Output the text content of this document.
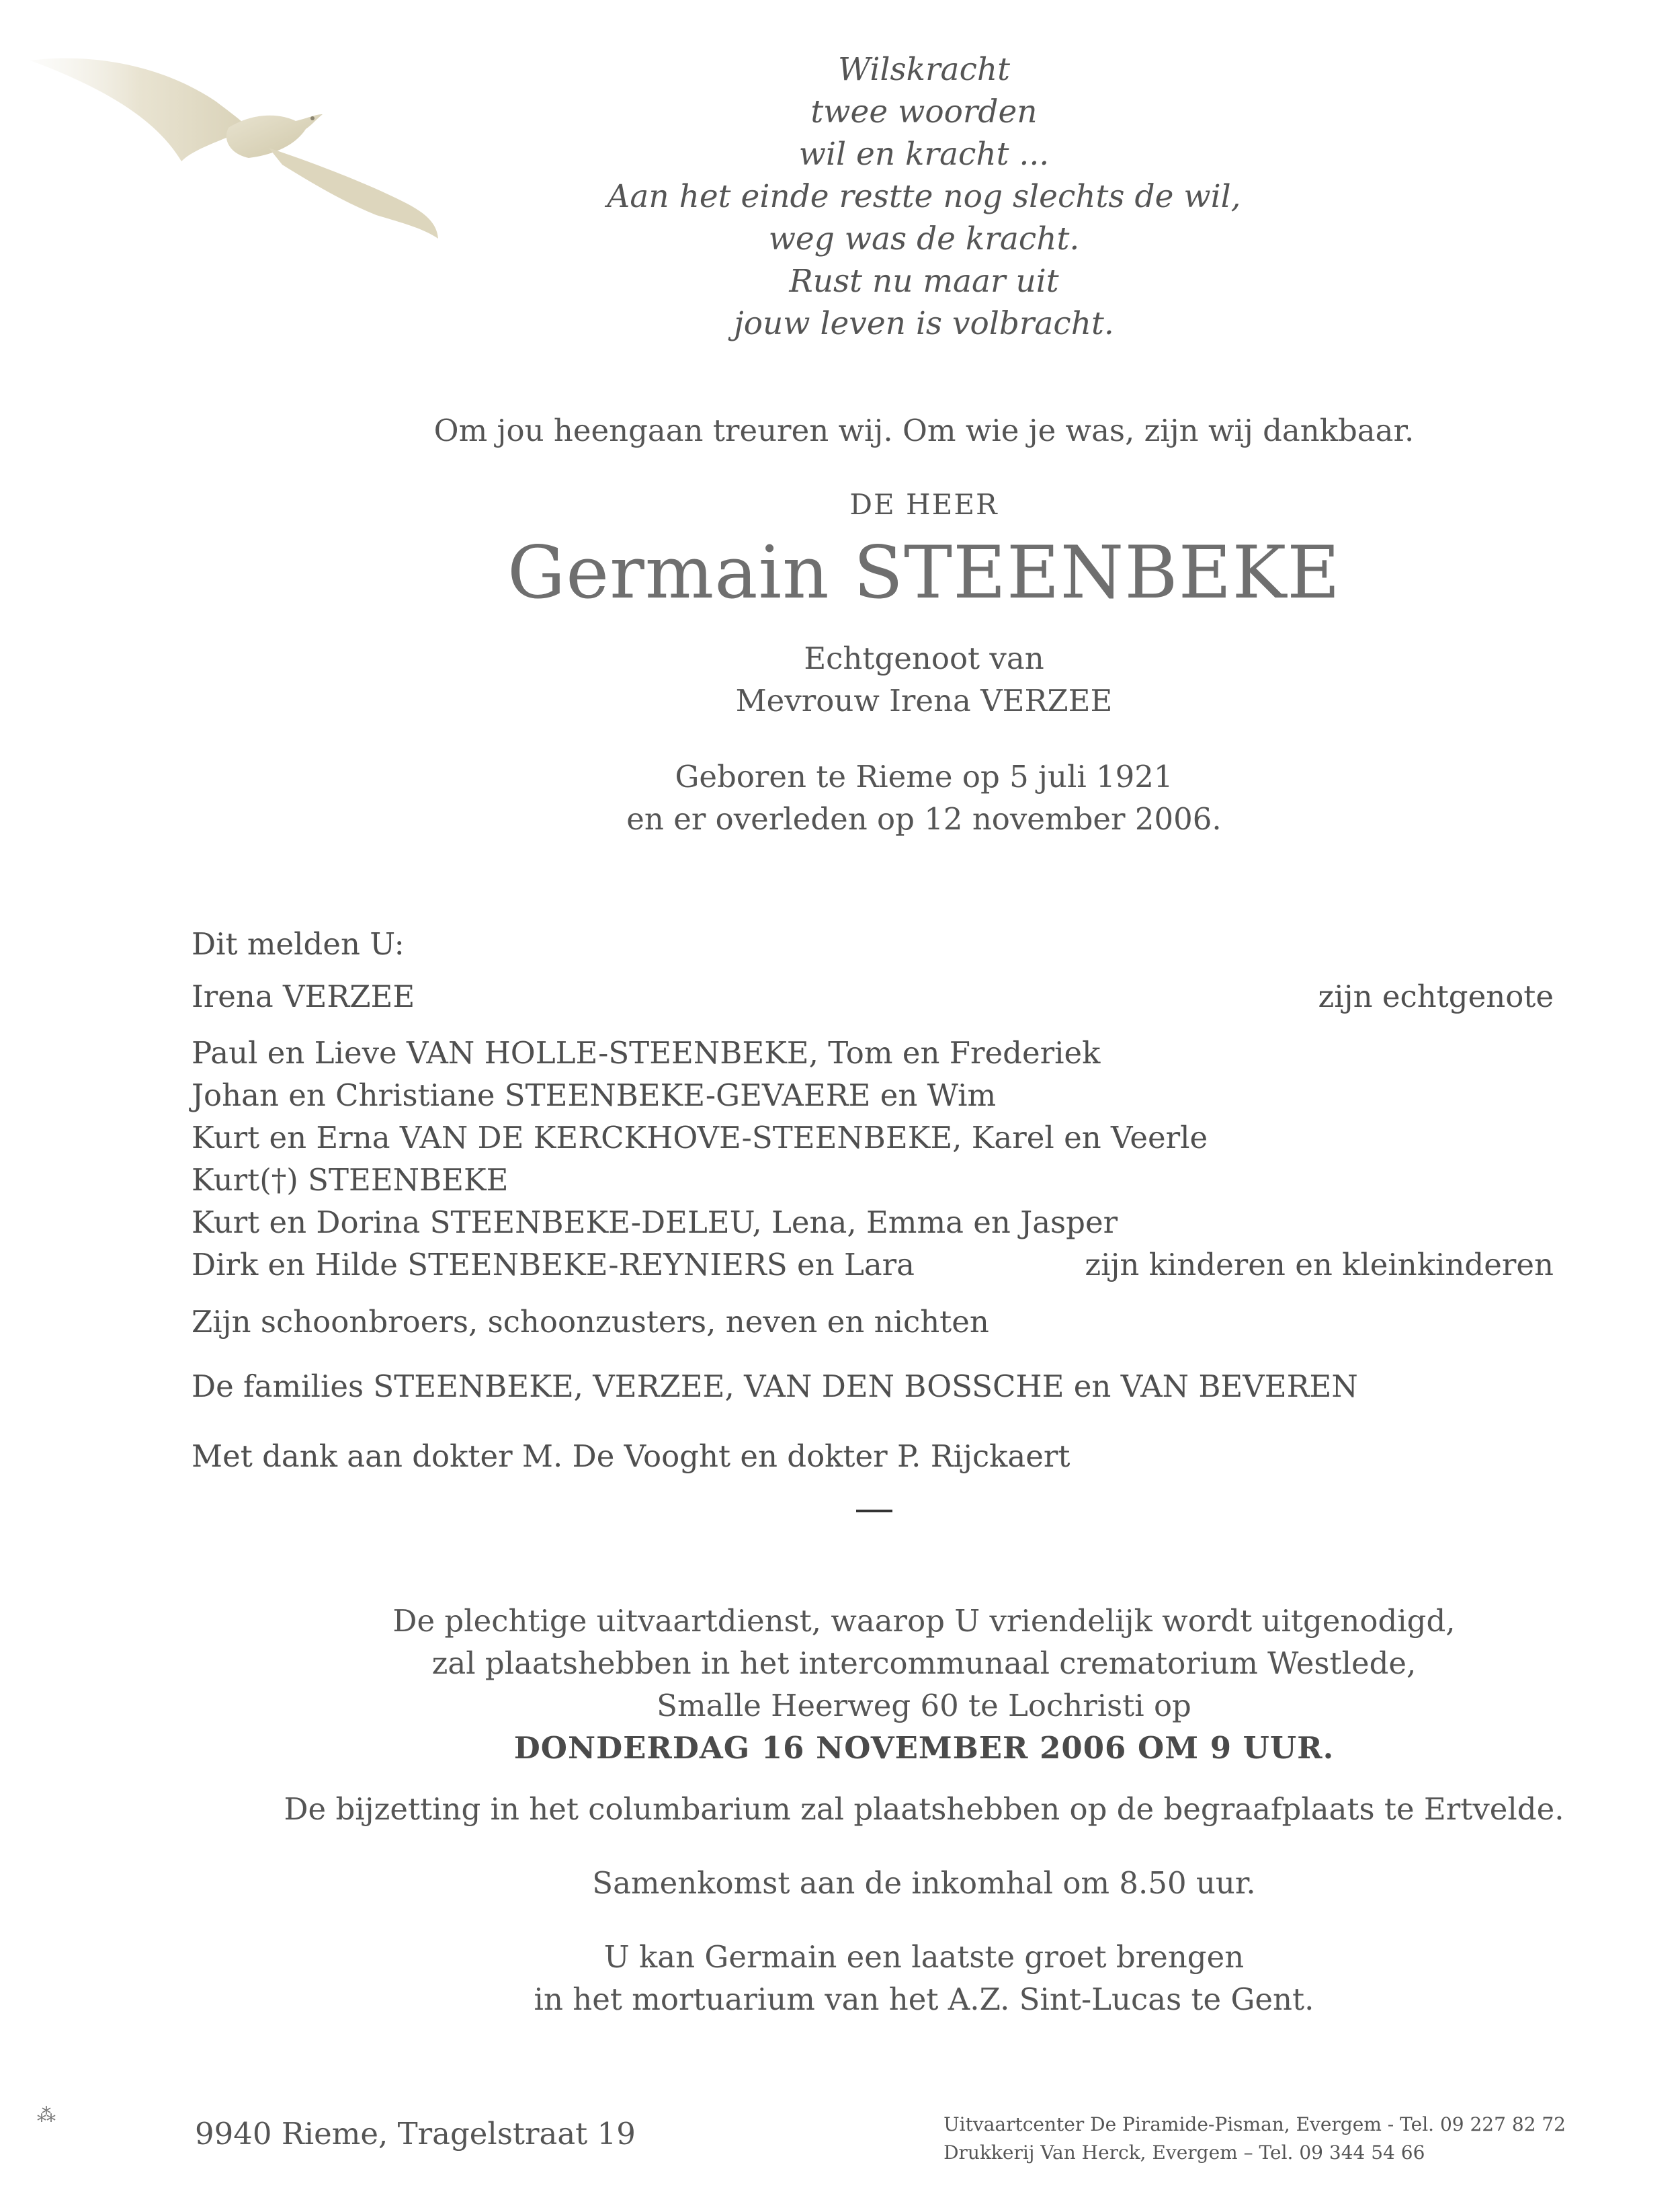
Wilskracht
twee woorden
wil en kracht ...
Aan het einde restte nog slechts de wil,
weg was de kracht.
Rust nu maar uit
jouw leven is volbracht.
Om jou heengaan treuren wij. Om wie je was, zijn wij dankbaar.
DE HEER
Germain STEENBEKE
Echtgenoot van
Mevrouw Irena VERZEE
Geboren te Rieme op 5 juli 1921
en er overleden op 12 november 2006.
Dit melden U:
Irena VERZEE	zijn echtgenote
Paul en Lieve VAN HOLLE-STEENBEKE, Tom en Frederiek
Johan en Christiane STEENBEKE-GEVAERE en Wim
Kurt en Erna VAN DE KERCKHOVE-STEENBEKE, Karel en Veerle
Kurt(†) STEENBEKE
Kurt en Dorina STEENBEKE-DELEU, Lena, Emma en Jasper
Dirk en Hilde STEENBEKE-REYNIERS en Lara	zijn kinderen en kleinkinderen
Zijn schoonbroers, schoonzusters, neven en nichten
De families STEENBEKE, VERZEE, VAN DEN BOSSCHE en VAN BEVEREN
Met dank aan dokter M. De Vooght en dokter P. Rijckaert
De plechtige uitvaartdienst, waarop U vriendelijk wordt uitgenodigd,
zal plaatshebben in het intercommunaal crematorium Westlede,
Smalle Heerweg 60 te Lochristi op
DONDERDAG 16 NOVEMBER 2006 OM 9 UUR.
De bijzetting in het columbarium zal plaatshebben op de begraafplaats te Ertvelde.
Samenkomst aan de inkomhal om 8.50 uur.
U kan Germain een laatste groet brengen
in het mortuarium van het A.Z. Sint-Lucas te Gent.
⁂
9940 Rieme, Tragelstraat 19	Uitvaartcenter De Piramide-Pisman, Evergem - Tel. 09 227 82 72
Drukkerij Van Herck, Evergem – Tel. 09 344 54 66
